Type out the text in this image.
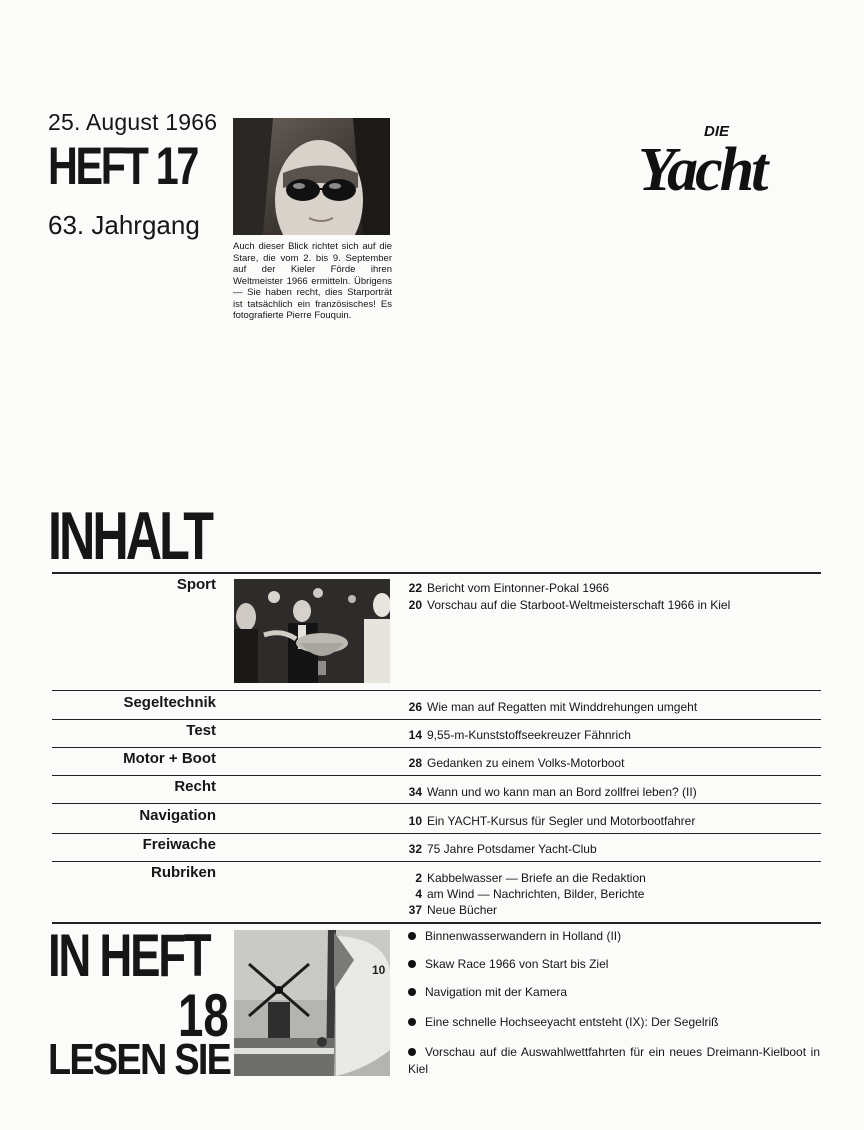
25. August 1966
HEFT 17
63. Jahrgang
Auch dieser Blick richtet sich auf die Stare, die vom 2. bis 9. September auf der Kieler Förde ihren Weltmeister 1966 ermitteln. Übrigens — Sie haben recht, dies Starporträt ist tatsächlich ein französisches! Es fotografierte Pierre Fouquin.
DIE
Yacht
INHALT
Sport	22 Bericht vom Eintonner-Pokal 1966
20 Vorschau auf die Starboot-Weltmeisterschaft 1966 in Kiel
Segeltechnik	26 Wie man auf Regatten mit Winddrehungen umgeht
Test	14 9,55-m-Kunststoffseekreuzer Fähnrich
Motor + Boot	28 Gedanken zu einem Volks-Motorboot
Recht	34 Wann und wo kann man an Bord zollfrei leben? (II)
Navigation	10 Ein YACHT-Kursus für Segler und Motorbootfahrer
Freiwache	32 75 Jahre Potsdamer Yacht-Club
Rubriken	2 Kabbelwasser — Briefe an die Redaktion
4 am Wind — Nachrichten, Bilder, Berichte
37 Neue Bücher
IN HEFT
18
LESEN SIE
10
Binnenwasserwandern in Holland (II)
Skaw Race 1966 von Start bis Ziel
Navigation mit der Kamera
Eine schnelle Hochseeyacht entsteht (IX): Der Segelriß
Vorschau auf die Auswahlwettfahrten für ein neues Dreimann-Kielboot in Kiel
